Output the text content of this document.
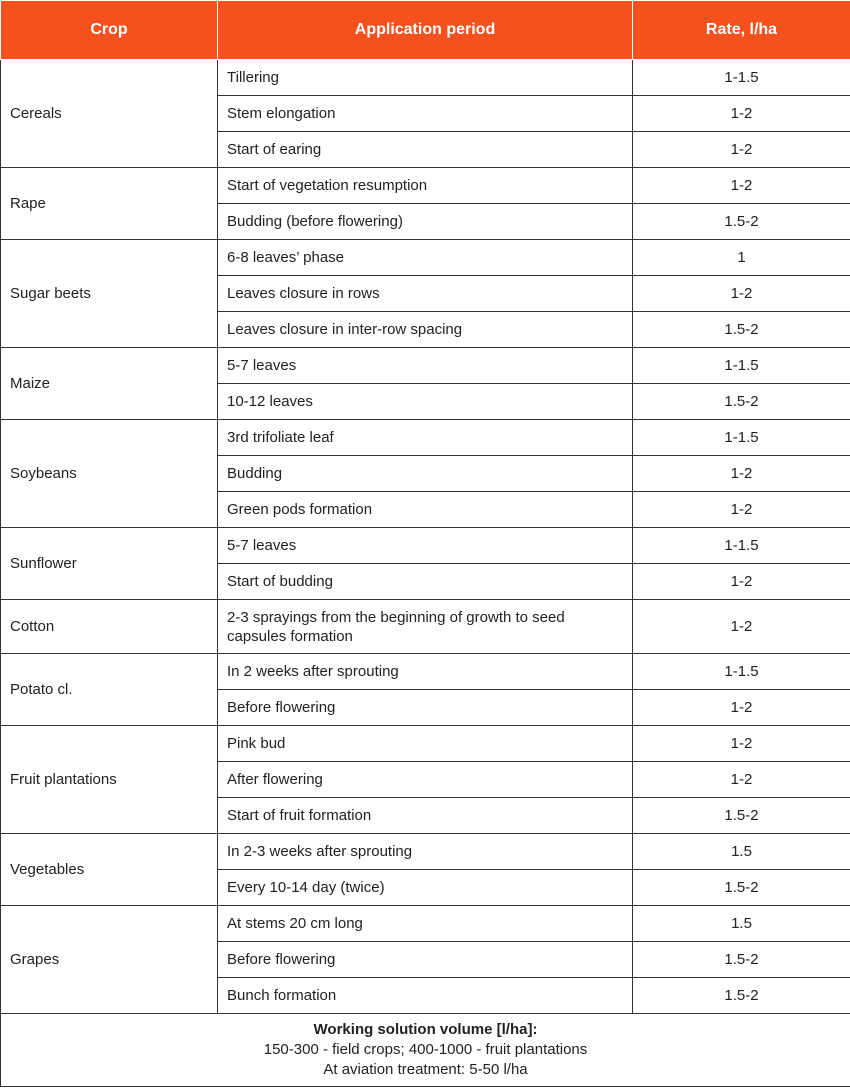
Crop	Application period	Rate, l/ha
Cereals	Tillering	1-1.5
	Stem elongation	1-2
	Start of earing	1-2
Rape	Start of vegetation resumption	1-2
	Budding (before flowering)	1.5-2
Sugar beets	6-8 leaves’ phase	1
	Leaves closure in rows	1-2
	Leaves closure in inter-row spacing	1.5-2
Maize	5-7 leaves	1-1.5
	10-12 leaves	1.5-2
Soybeans	3rd trifoliate leaf	1-1.5
	Budding	1-2
	Green pods formation	1-2
Sunflower	5-7 leaves	1-1.5
	Start of budding	1-2
Cotton	2-3 sprayings from the beginning of growth to seed capsules formation	1-2
Potato cl.	In 2 weeks after sprouting	1-1.5
	Before flowering	1-2
Fruit plantations	Pink bud	1-2
	After flowering	1-2
	Start of fruit formation	1.5-2
Vegetables	In 2-3 weeks after sprouting	1.5
	Every 10-14 day (twice)	1.5-2
Grapes	At stems 20 cm long	1.5
	Before flowering	1.5-2
	Bunch formation	1.5-2

Working solution volume [l/ha]:
150-300 - field crops; 400-1000 - fruit plantations
At aviation treatment: 5-50 l/ha		
